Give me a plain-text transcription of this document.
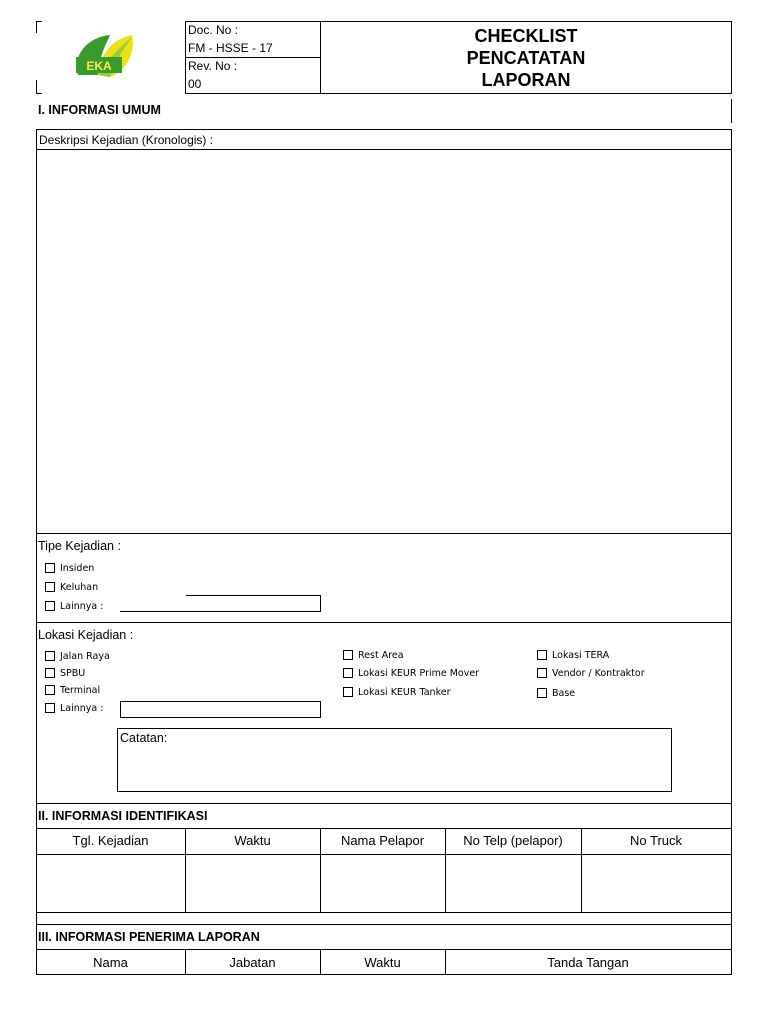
EKA
Doc. No :
FM - HSSE - 17
Rev. No :
00
CHECKLIST
PENCATATAN
LAPORAN
I. INFORMASI UMUM
Deskripsi Kejadian (Kronologis) :
Tipe Kejadian :
Insiden
Keluhan
Lainnya :
Lokasi Kejadian :
Jalan Raya
SPBU
Terminal
Lainnya :
Rest Area
Lokasi KEUR Prime Mover
Lokasi KEUR Tanker
Lokasi TERA
Vendor / Kontraktor
Base
Catatan:
II. INFORMASI IDENTIFIKASI
Tgl. Kejadian	Waktu	Nama Pelapor	No Telp (pelapor)	No Truck
III. INFORMASI PENERIMA LAPORAN
Nama	Jabatan	Waktu	Tanda Tangan
